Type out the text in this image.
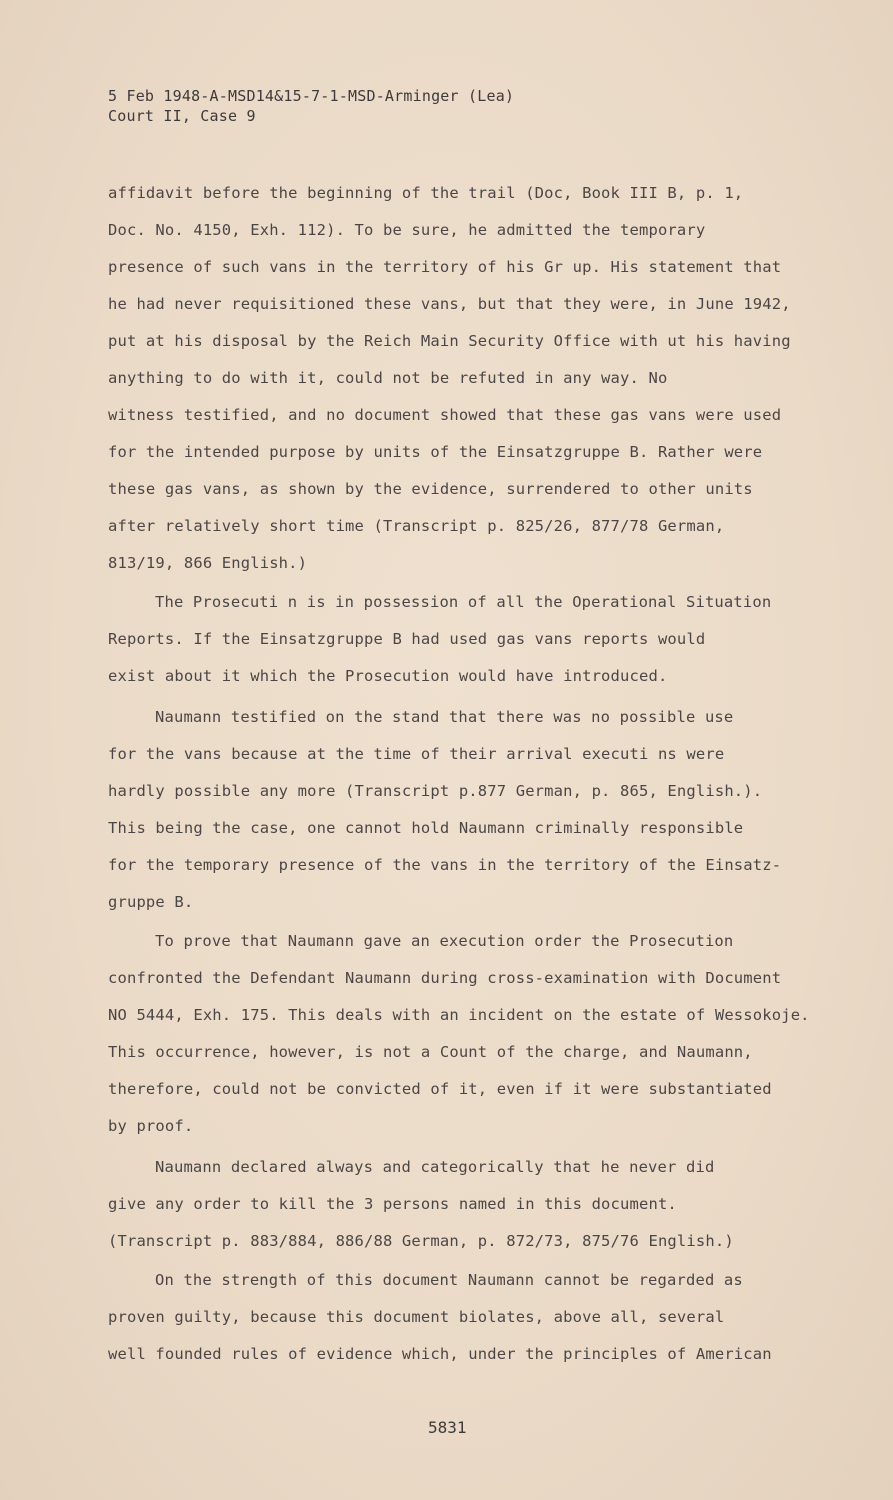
5 Feb 1948-A-MSD14&15-7-1-MSD-Arminger (Lea)
Court II, Case 9
affidavit before the beginning of the trail (Doc, Book III B, p. 1,
Doc. No. 4150, Exh. 112). To be sure, he admitted the temporary
presence of such vans in the territory of his Gr up. His statement that
he had never requisitioned these vans, but that they were, in June 1942,
put at his disposal by the Reich Main Security Office with ut his having
anything to do with it, could not be refuted in any way. No
witness testified, and no document showed that these gas vans were used
for the intended purpose by units of the Einsatzgruppe B. Rather were
these gas vans, as shown by the evidence, surrendered to other units
after relatively short time (Transcript p. 825/26, 877/78 German,
813/19, 866 English.)
The Prosecuti n is in possession of all the Operational Situation
Reports. If the Einsatzgruppe B had used gas vans reports would
exist about it which the Prosecution would have introduced.
Naumann testified on the stand that there was no possible use
for the vans because at the time of their arrival executi ns were
hardly possible any more (Transcript p.877 German, p. 865, English.).
This being the case, one cannot hold Naumann criminally responsible
for the temporary presence of the vans in the territory of the Einsatz-
gruppe B.
To prove that Naumann gave an execution order the Prosecution
confronted the Defendant Naumann during cross-examination with Document
NO 5444, Exh. 175. This deals with an incident on the estate of Wessokoje.
This occurrence, however, is not a Count of the charge, and Naumann,
therefore, could not be convicted of it, even if it were substantiated
by proof.
Naumann declared always and categorically that he never did
give any order to kill the 3 persons named in this document.
(Transcript p. 883/884, 886/88 German, p. 872/73, 875/76 English.)
On the strength of this document Naumann cannot be regarded as
proven guilty, because this document biolates, above all, several
well founded rules of evidence which, under the principles of American
5831
